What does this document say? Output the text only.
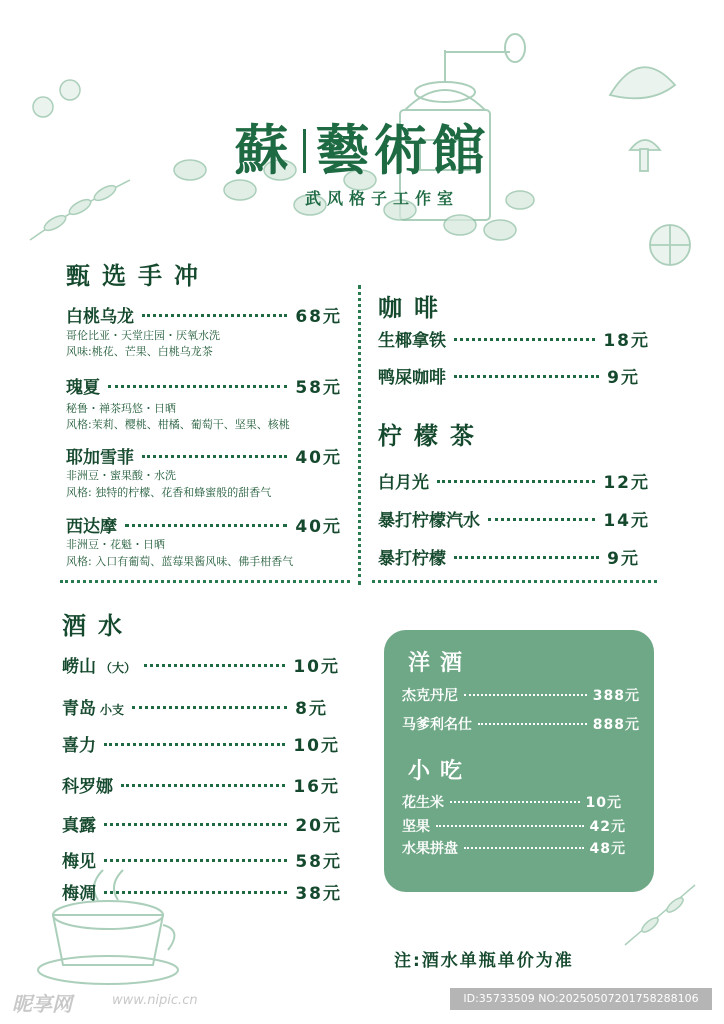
蘇 藝術館
武风格子工作室
甄选手冲
白桃乌龙	68元
哥伦比亚・天堂庄园・厌氧水洗
风味:桃花、芒果、白桃乌龙茶
瑰夏	58元
秘鲁・禅茶玛悠・日晒
风格:茉莉、樱桃、柑橘、葡萄干、坚果、核桃
耶加雪菲	40元
非洲豆・蜜果酸・水洗
风格: 独特的柠檬、花香和蜂蜜般的甜香气
西达摩	40元
非洲豆・花魁・日晒
风格: 入口有葡萄、蓝莓果酱风味、佛手柑香气
咖啡
生椰拿铁	18元
鸭屎咖啡	9元
柠檬茶
白月光	12元
暴打柠檬汽水	14元
暴打柠檬	9元
酒水
崂山 （大）	10元
青岛 小支	8元
喜力	10元
科罗娜	16元
真露	20元
梅见	58元
梅凋	38元
洋酒
杰克丹尼	388元
马爹利名仕	888元
小吃
花生米	10元
坚果	42元
水果拼盘	48元
注:酒水单瓶单价为准
昵享网	www.nipic.cn	ID:35733509 NO:20250507201758288106
